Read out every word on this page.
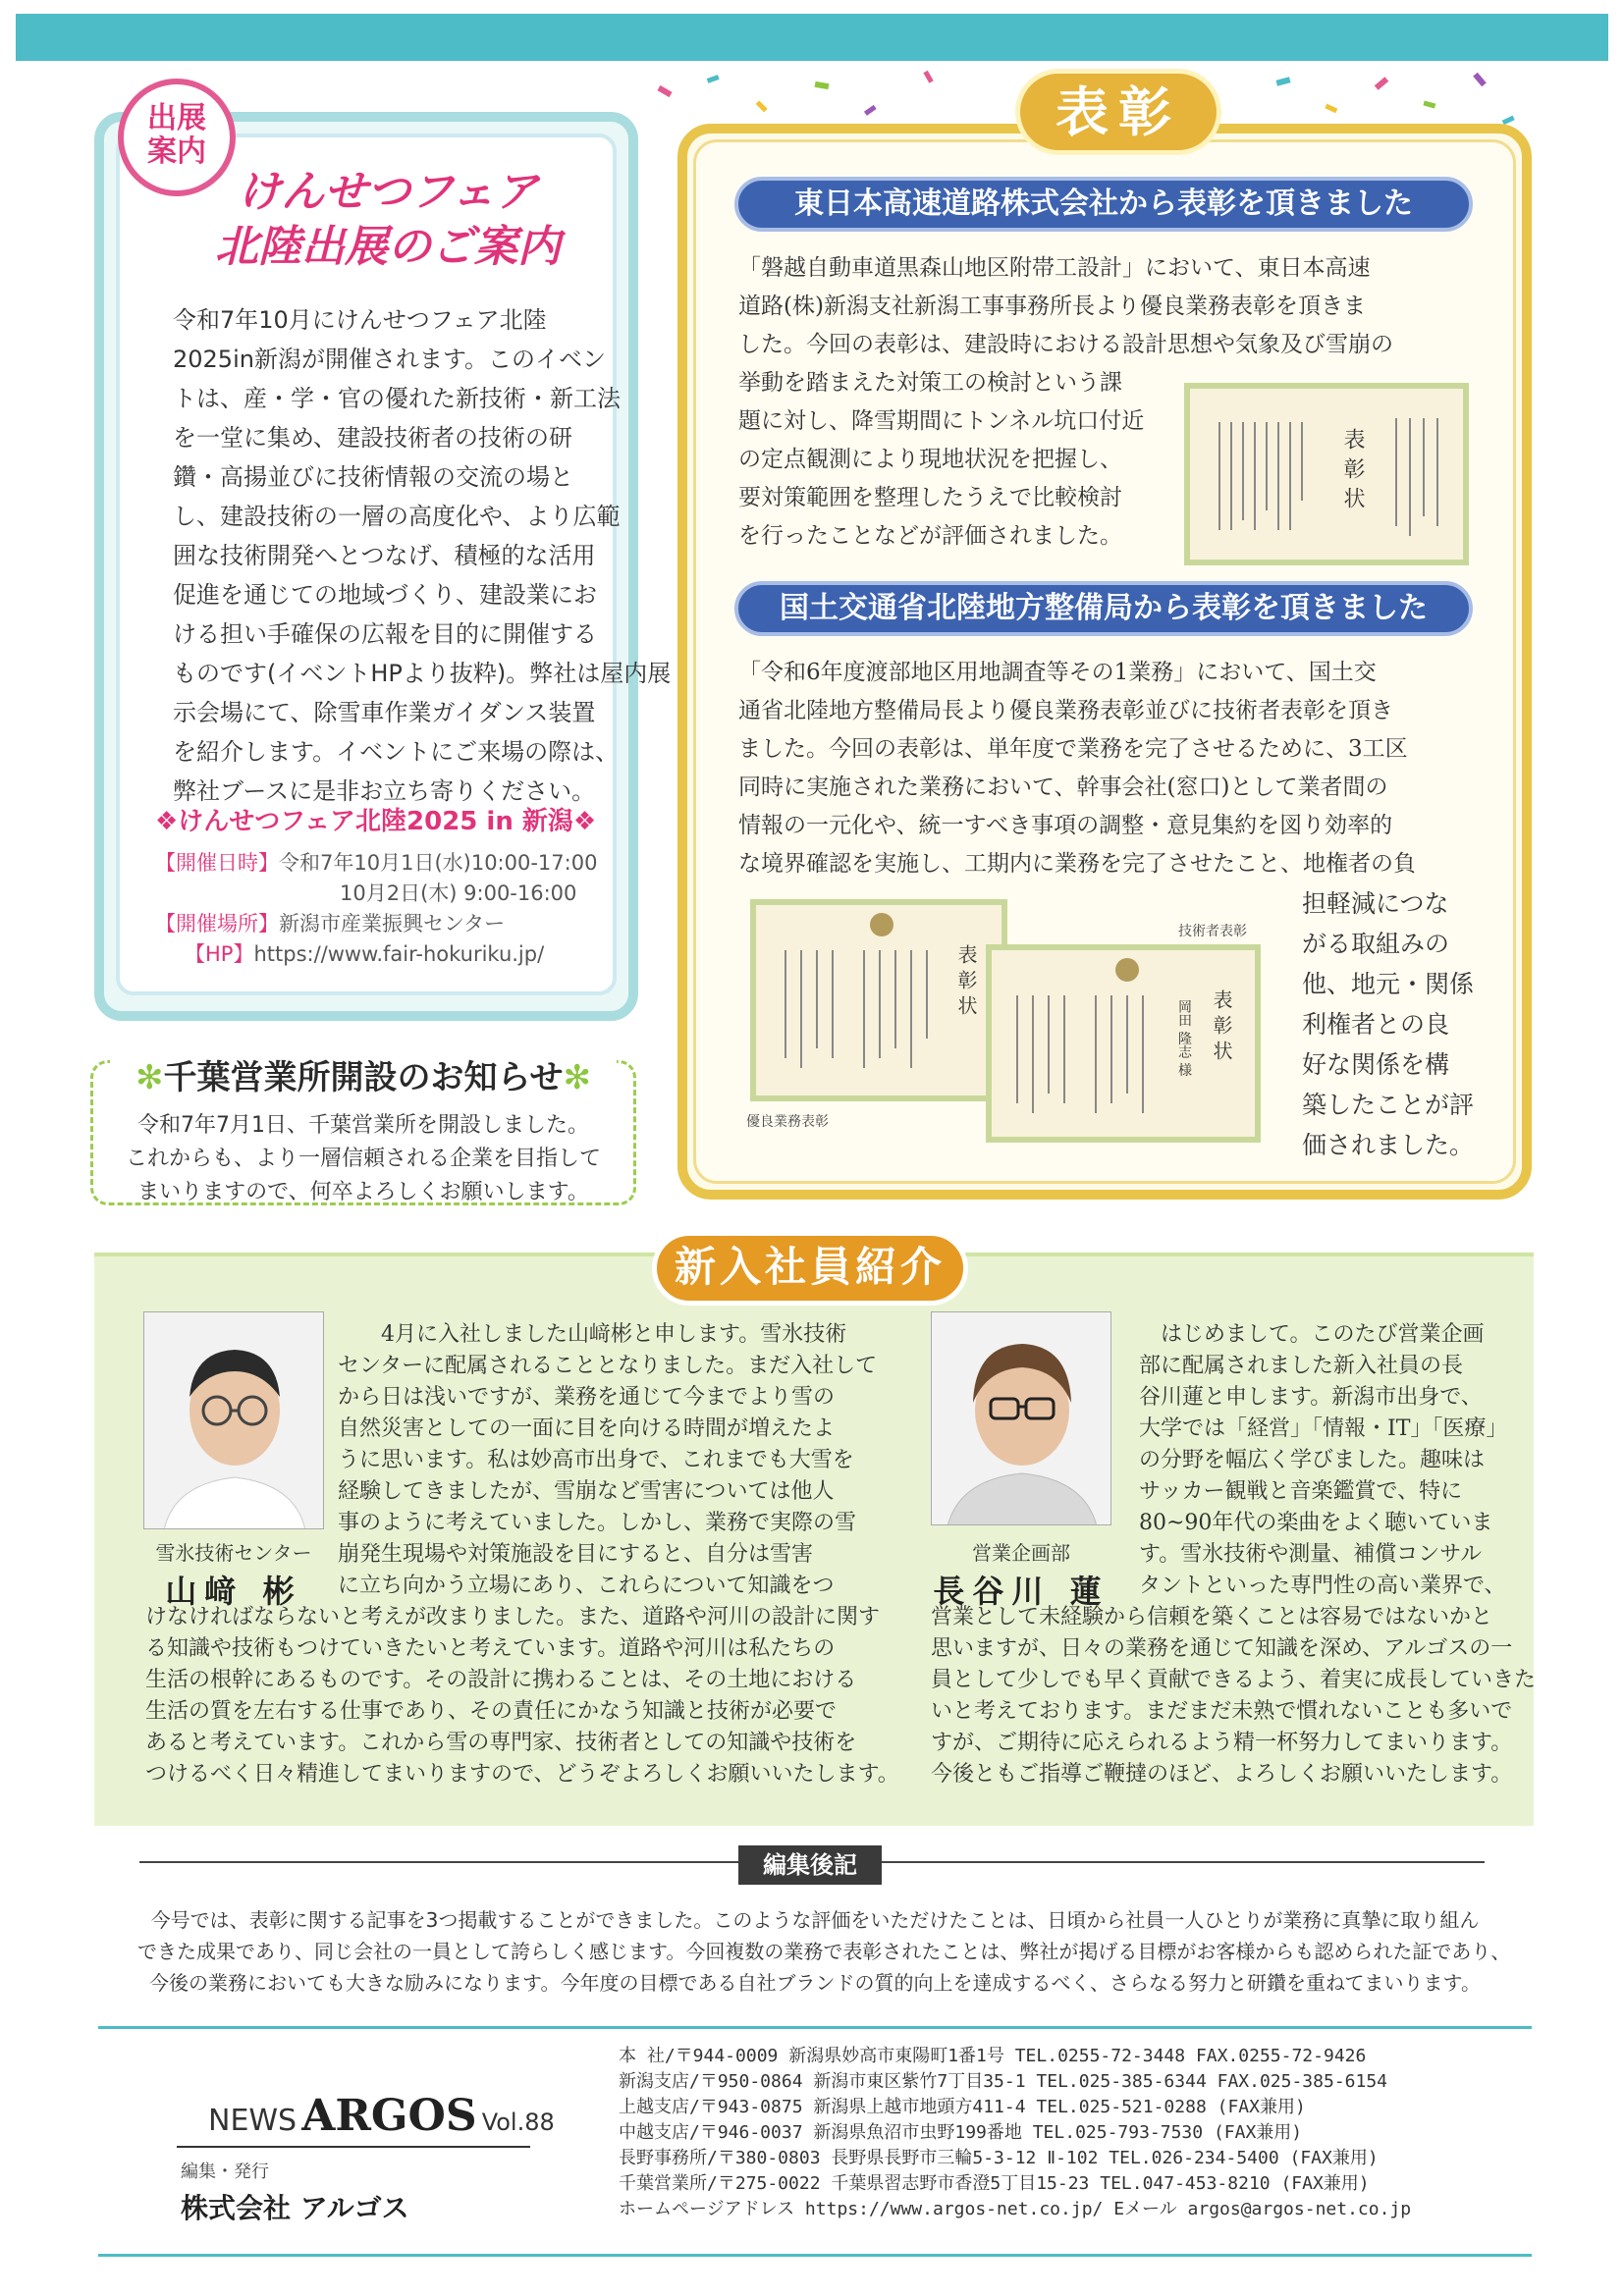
出展
案内
けんせつフェア
北陸出展のご案内
令和7年10月にけんせつフェア北陸
2025in新潟が開催されます。このイベン
トは、産・学・官の優れた新技術・新工法
を一堂に集め、建設技術者の技術の研
鑽・高揚並びに技術情報の交流の場と
し、建設技術の一層の高度化や、より広範
囲な技術開発へとつなげ、積極的な活用
促進を通じての地域づくり、建設業にお
ける担い手確保の広報を目的に開催する
ものです(イベントHPより抜粋)。弊社は屋内展
示会場にて、除雪車作業ガイダンス装置
を紹介します。イベントにご来場の際は、
弊社ブースに是非お立ち寄りください。
❖けんせつフェア北陸2025 in 新潟❖
【開催日時】令和7年10月1日(水)10:00-17:00
10月2日(木) 9:00-16:00
【開催場所】新潟市産業振興センター
【HP】https://www.fair-hokuriku.jp/
✻千葉営業所開設のお知らせ✻
令和7年7月1日、千葉営業所を開設しました。
これからも、より一層信頼される企業を目指して
まいりますので、何卒よろしくお願いします。
表彰
東日本高速道路株式会社から表彰を頂きました
「磐越自動車道黒森山地区附帯工設計」において、東日本高速
道路(株)新潟支社新潟工事事務所長より優良業務表彰を頂きま
した。今回の表彰は、建設時における設計思想や気象及び雪崩の
挙動を踏まえた対策工の検討という課
題に対し、降雪期間にトンネル坑口付近
の定点観測により現地状況を把握し、
要対策範囲を整理したうえで比較検討
を行ったことなどが評価されました。
表彰状
国土交通省北陸地方整備局から表彰を頂きました
「令和6年度渡部地区用地調査等その1業務」において、国土交
通省北陸地方整備局長より優良業務表彰並びに技術者表彰を頂き
ました。今回の表彰は、単年度で業務を完了させるために、3工区
同時に実施された業務において、幹事会社(窓口)として業者間の
情報の一元化や、統一すべき事項の調整・意見集約を図り効率的
な境界確認を実施し、工期内に業務を完了させたこと、地権者の負
担軽減につな
がる取組みの
他、地元・関係
利権者との良
好な関係を構
築したことが評
価されました。
表彰状
表彰状
岡田 隆志 様
技術者表彰
優良業務表彰
新入社員紹介
雪氷技術センター
山﨑 彬
4月に入社しました山﨑彬と申します。雪氷技術
センターに配属されることとなりました。まだ入社して
から日は浅いですが、業務を通じて今までより雪の
自然災害としての一面に目を向ける時間が増えたよ
うに思います。私は妙高市出身で、これまでも大雪を
経験してきましたが、雪崩など雪害については他人
事のように考えていました。しかし、業務で実際の雪
崩発生現場や対策施設を目にすると、自分は雪害
に立ち向かう立場にあり、これらについて知識をつ
けなければならないと考えが改まりました。また、道路や河川の設計に関す
る知識や技術もつけていきたいと考えています。道路や河川は私たちの
生活の根幹にあるものです。その設計に携わることは、その土地における
生活の質を左右する仕事であり、その責任にかなう知識と技術が必要で
あると考えています。これから雪の専門家、技術者としての知識や技術を
つけるべく日々精進してまいりますので、どうぞよろしくお願いいたします。
営業企画部
長谷川 蓮
はじめまして。このたび営業企画
部に配属されました新入社員の長
谷川蓮と申します。新潟市出身で、
大学では「経営」「情報・IT」「医療」
の分野を幅広く学びました。趣味は
サッカー観戦と音楽鑑賞で、特に
80~90年代の楽曲をよく聴いていま
す。雪氷技術や測量、補償コンサル
タントといった専門性の高い業界で、
営業として未経験から信頼を築くことは容易ではないかと
思いますが、日々の業務を通じて知識を深め、アルゴスの一
員として少しでも早く貢献できるよう、着実に成長していきた
いと考えております。まだまだ未熟で慣れないことも多いで
すが、ご期待に応えられるよう精一杯努力してまいります。
今後ともご指導ご鞭撻のほど、よろしくお願いいたします。
編集後記
今号では、表彰に関する記事を3つ掲載することができました。このような評価をいただけたことは、日頃から社員一人ひとりが業務に真摯に取り組ん
できた成果であり、同じ会社の一員として誇らしく感じます。今回複数の業務で表彰されたことは、弊社が掲げる目標がお客様からも認められた証であり、
今後の業務においても大きな励みになります。今年度の目標である自社ブランドの質的向上を達成するべく、さらなる努力と研鑽を重ねてまいります。
NEWS ARGOS Vol.88
編集・発行
株式会社 アルゴス
本 社/〒944-0009 新潟県妙高市東陽町1番1号 TEL.0255-72-3448 FAX.0255-72-9426
新潟支店/〒950-0864 新潟市東区紫竹7丁目35-1 TEL.025-385-6344 FAX.025-385-6154
上越支店/〒943-0875 新潟県上越市地頭方411-4 TEL.025-521-0288 (FAX兼用)
中越支店/〒946-0037 新潟県魚沼市虫野199番地 TEL.025-793-7530 (FAX兼用)
長野事務所/〒380-0803 長野県長野市三輪5-3-12 Ⅱ-102 TEL.026-234-5400 (FAX兼用)
千葉営業所/〒275-0022 千葉県習志野市香澄5丁目15-23 TEL.047-453-8210 (FAX兼用)
ホームページアドレス https://www.argos-net.co.jp/ Eメール argos@argos-net.co.jp
